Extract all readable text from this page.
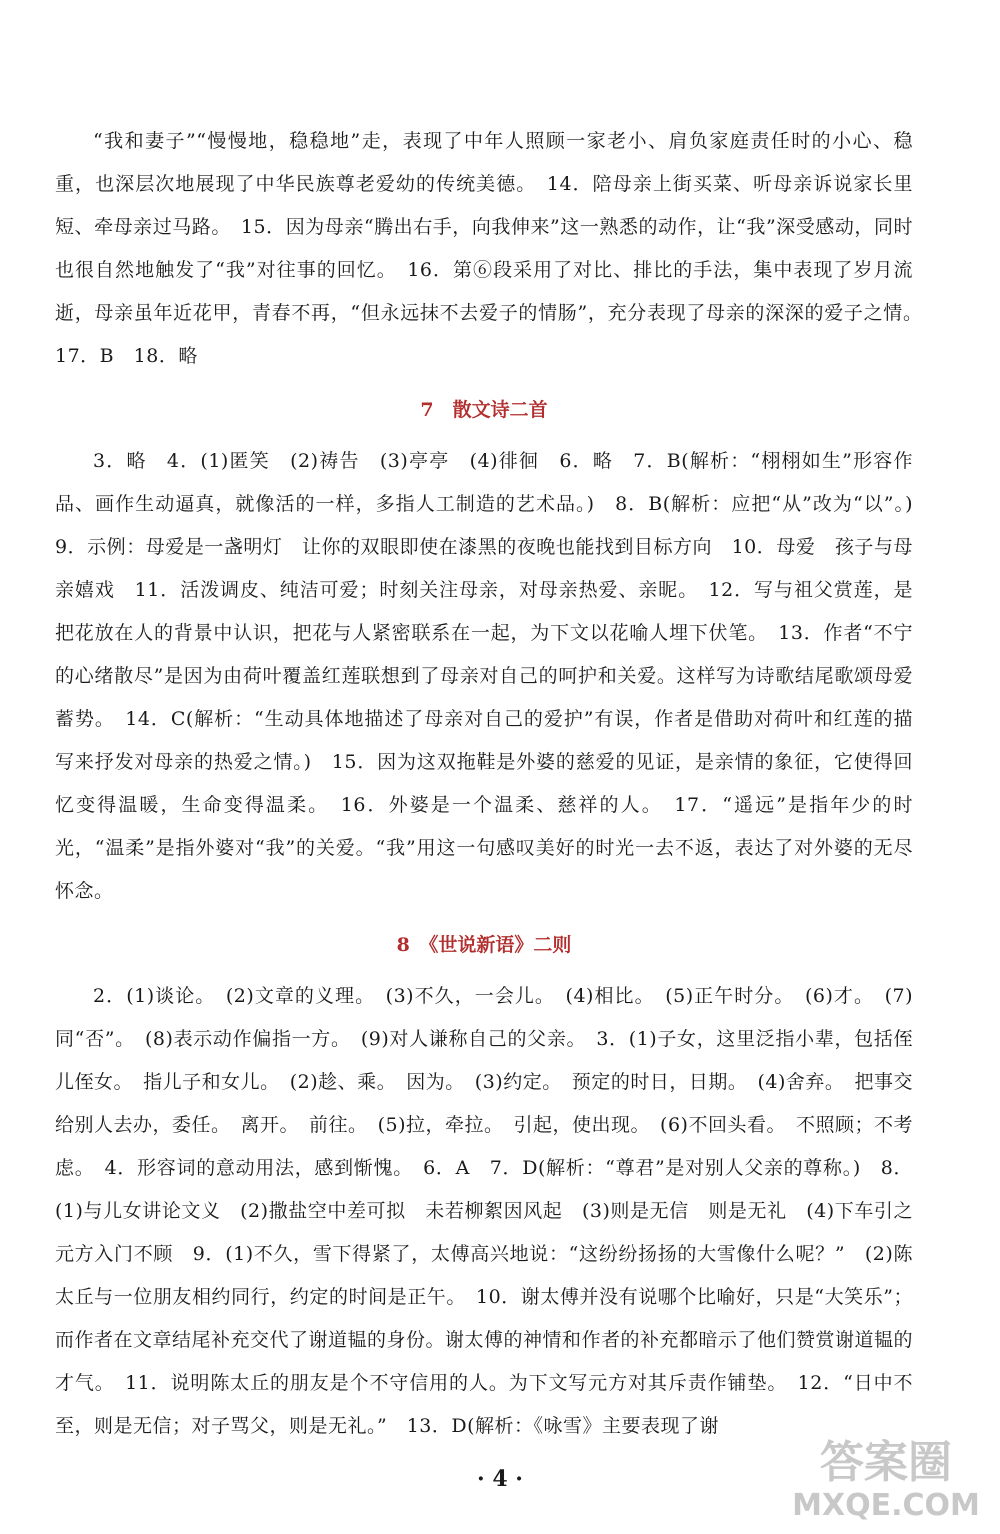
“我和妻子”“慢慢地，稳稳地”走，表现了中年人照顾一家老小、肩负家庭责任时的小心、稳重，也深层次地展现了中华民族尊老爱幼的传统美德。　14．陪母亲上街买菜、听母亲诉说家长里短、牵母亲过马路。　15．因为母亲“腾出右手，向我伸来”这一熟悉的动作，让“我”深受感动，同时也很自然地触发了“我”对往事的回忆。　16．第⑥段采用了对比、排比的手法，集中表现了岁月流逝，母亲虽年近花甲，青春不再，“但永远抹不去爱子的情肠”，充分表现了母亲的深深的爱子之情。　17．B　18．略

7　散文诗二首

3．略　4．(1)匿笑　(2)祷告　(3)亭亭　(4)徘徊　6．略　7．B(解析：“栩栩如生”形容作品、画作生动逼真，就像活的一样，多指人工制造的艺术品。)　8．B(解析：应把“从”改为“以”。)　9．示例：母爱是一盏明灯　让你的双眼即使在漆黑的夜晚也能找到目标方向　10．母爱　孩子与母亲嬉戏　11．活泼调皮、纯洁可爱；时刻关注母亲，对母亲热爱、亲昵。　12．写与祖父赏莲，是把花放在人的背景中认识，把花与人紧密联系在一起，为下文以花喻人埋下伏笔。　13．作者“不宁的心绪散尽”是因为由荷叶覆盖红莲联想到了母亲对自己的呵护和关爱。这样写为诗歌结尾歌颂母爱蓄势。　14．C(解析：“生动具体地描述了母亲对自己的爱护”有误，作者是借助对荷叶和红莲的描写来抒发对母亲的热爱之情。)　15．因为这双拖鞋是外婆的慈爱的见证，是亲情的象征，它使得回忆变得温暖，生命变得温柔。　16．外婆是一个温柔、慈祥的人。　17．“遥远”是指年少的时光，“温柔”是指外婆对“我”的关爱。“我”用这一句感叹美好的时光一去不返，表达了对外婆的无尽怀念。

8　《世说新语》二则

2．(1)谈论。　(2)文章的义理。　(3)不久，一会儿。　(4)相比。　(5)正午时分。　(6)才。　(7)同“否”。　(8)表示动作偏指一方。　(9)对人谦称自己的父亲。　3．(1)子女，这里泛指小辈，包括侄儿侄女。　指儿子和女儿。　(2)趁、乘。　因为。　(3)约定。　预定的时日，日期。　(4)舍弃。　把事交给别人去办，委任。　离开。　前往。　(5)拉，牵拉。　引起，使出现。　(6)不回头看。　不照顾；不考虑。　4．形容词的意动用法，感到惭愧。　6．A　7．D(解析：“尊君”是对别人父亲的尊称。)　8．(1)与儿女讲论文义　(2)撒盐空中差可拟　未若柳絮因风起　(3)则是无信　则是无礼　(4)下车引之　元方入门不顾　9．(1)不久，雪下得紧了，太傅高兴地说：“这纷纷扬扬的大雪像什么呢？”　(2)陈太丘与一位朋友相约同行，约定的时间是正午。　10．谢太傅并没有说哪个比喻好，只是“大笑乐”；而作者在文章结尾补充交代了谢道韫的身份。谢太傅的神情和作者的补充都暗示了他们赞赏谢道韫的才气。　11．说明陈太丘的朋友是个不守信用的人。为下文写元方对其斥责作铺垫。　12．“日中不至，则是无信；对子骂父，则是无礼。”　13．D(解析：《咏雪》主要表现了谢

· 4 ·	答案圈
MXQE.COM
